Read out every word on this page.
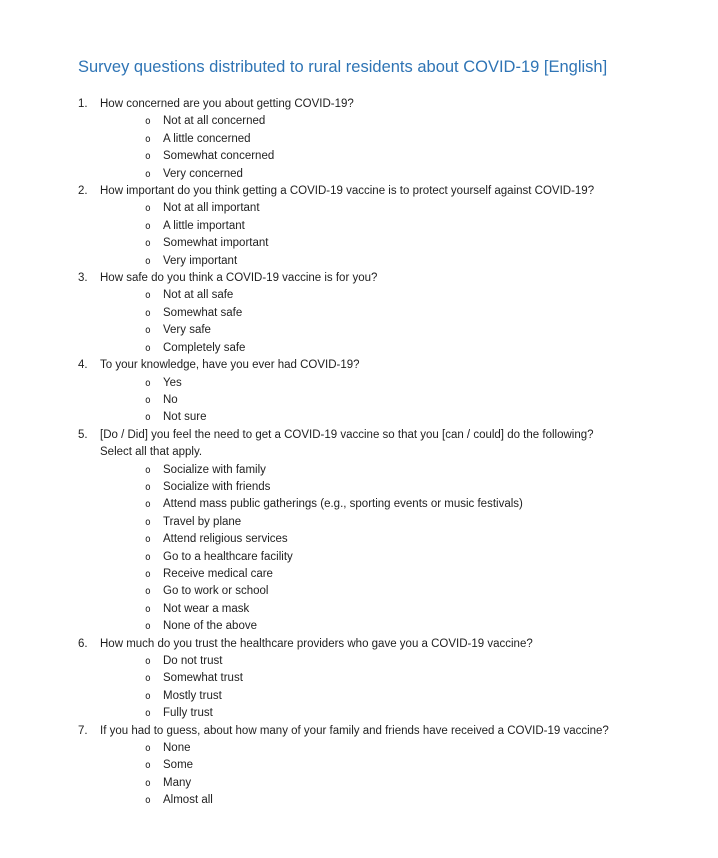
Survey questions distributed to rural residents about COVID-19 [English]
1.	How concerned are you about getting COVID-19?
o	Not at all concerned
o	A little concerned
o	Somewhat concerned
o	Very concerned
2.	How important do you think getting a COVID-19 vaccine is to protect yourself against COVID-19?
o	Not at all important
o	A little important
o	Somewhat important
o	Very important
3.	How safe do you think a COVID-19 vaccine is for you?
o	Not at all safe
o	Somewhat safe
o	Very safe
o	Completely safe
4.	To your knowledge, have you ever had COVID-19?
o	Yes
o	No
o	Not sure
5.	[Do / Did] you feel the need to get a COVID-19 vaccine so that you [can / could] do the following?
Select all that apply.
o	Socialize with family
o	Socialize with friends
o	Attend mass public gatherings (e.g., sporting events or music festivals)
o	Travel by plane
o	Attend religious services
o	Go to a healthcare facility
o	Receive medical care
o	Go to work or school
o	Not wear a mask
o	None of the above
6.	How much do you trust the healthcare providers who gave you a COVID-19 vaccine?
o	Do not trust
o	Somewhat trust
o	Mostly trust
o	Fully trust
7.	If you had to guess, about how many of your family and friends have received a COVID-19 vaccine?
o	None
o	Some
o	Many
o	Almost all
